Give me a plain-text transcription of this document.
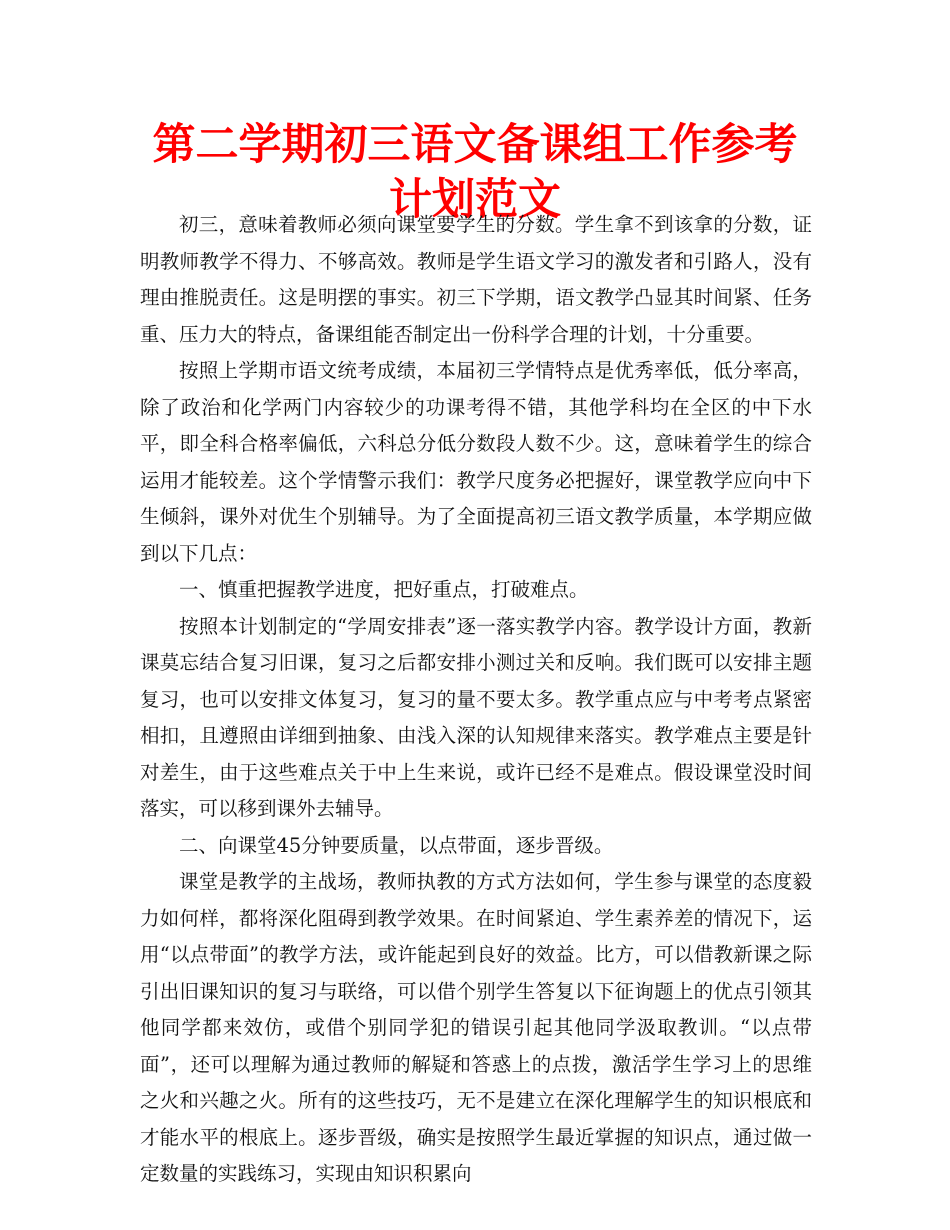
第二学期初三语文备课组工作参考计划范文

初三，意味着教师必须向课堂要学生的分数。学生拿不到该拿的分数，证明教师教学不得力、不够高效。教师是学生语文学习的激发者和引路人，没有理由推脱责任。这是明摆的事实。初三下学期，语文教学凸显其时间紧、任务重、压力大的特点，备课组能否制定出一份科学合理的计划，十分重要。

按照上学期市语文统考成绩，本届初三学情特点是优秀率低，低分率高，除了政治和化学两门内容较少的功课考得不错，其他学科均在全区的中下水平，即全科合格率偏低，六科总分低分数段人数不少。这，意味着学生的综合运用才能较差。这个学情警示我们：教学尺度务必把握好，课堂教学应向中下生倾斜，课外对优生个别辅导。为了全面提高初三语文教学质量，本学期应做到以下几点：

一、慎重把握教学进度，把好重点，打破难点。

按照本计划制定的“学周安排表”逐一落实教学内容。教学设计方面，教新课莫忘结合复习旧课，复习之后都安排小测过关和反响。我们既可以安排主题复习，也可以安排文体复习，复习的量不要太多。教学重点应与中考考点紧密相扣，且遵照由详细到抽象、由浅入深的认知规律来落实。教学难点主要是针对差生，由于这些难点关于中上生来说，或许已经不是难点。假设课堂没时间落实，可以移到课外去辅导。

二、向课堂45分钟要质量，以点带面，逐步晋级。

课堂是教学的主战场，教师执教的方式方法如何，学生参与课堂的态度毅力如何样，都将深化阻碍到教学效果。在时间紧迫、学生素养差的情况下，运用“以点带面”的教学方法，或许能起到良好的效益。比方，可以借教新课之际引出旧课知识的复习与联络，可以借个别学生答复以下征询题上的优点引领其他同学都来效仿，或借个别同学犯的错误引起其他同学汲取教训。“以点带面”，还可以理解为通过教师的解疑和答惑上的点拨，激活学生学习上的思维之火和兴趣之火。所有的这些技巧，无不是建立在深化理解学生的知识根底和才能水平的根底上。逐步晋级，确实是按照学生最近掌握的知识点，通过做一定数量的实践练习，实现由知识积累向
